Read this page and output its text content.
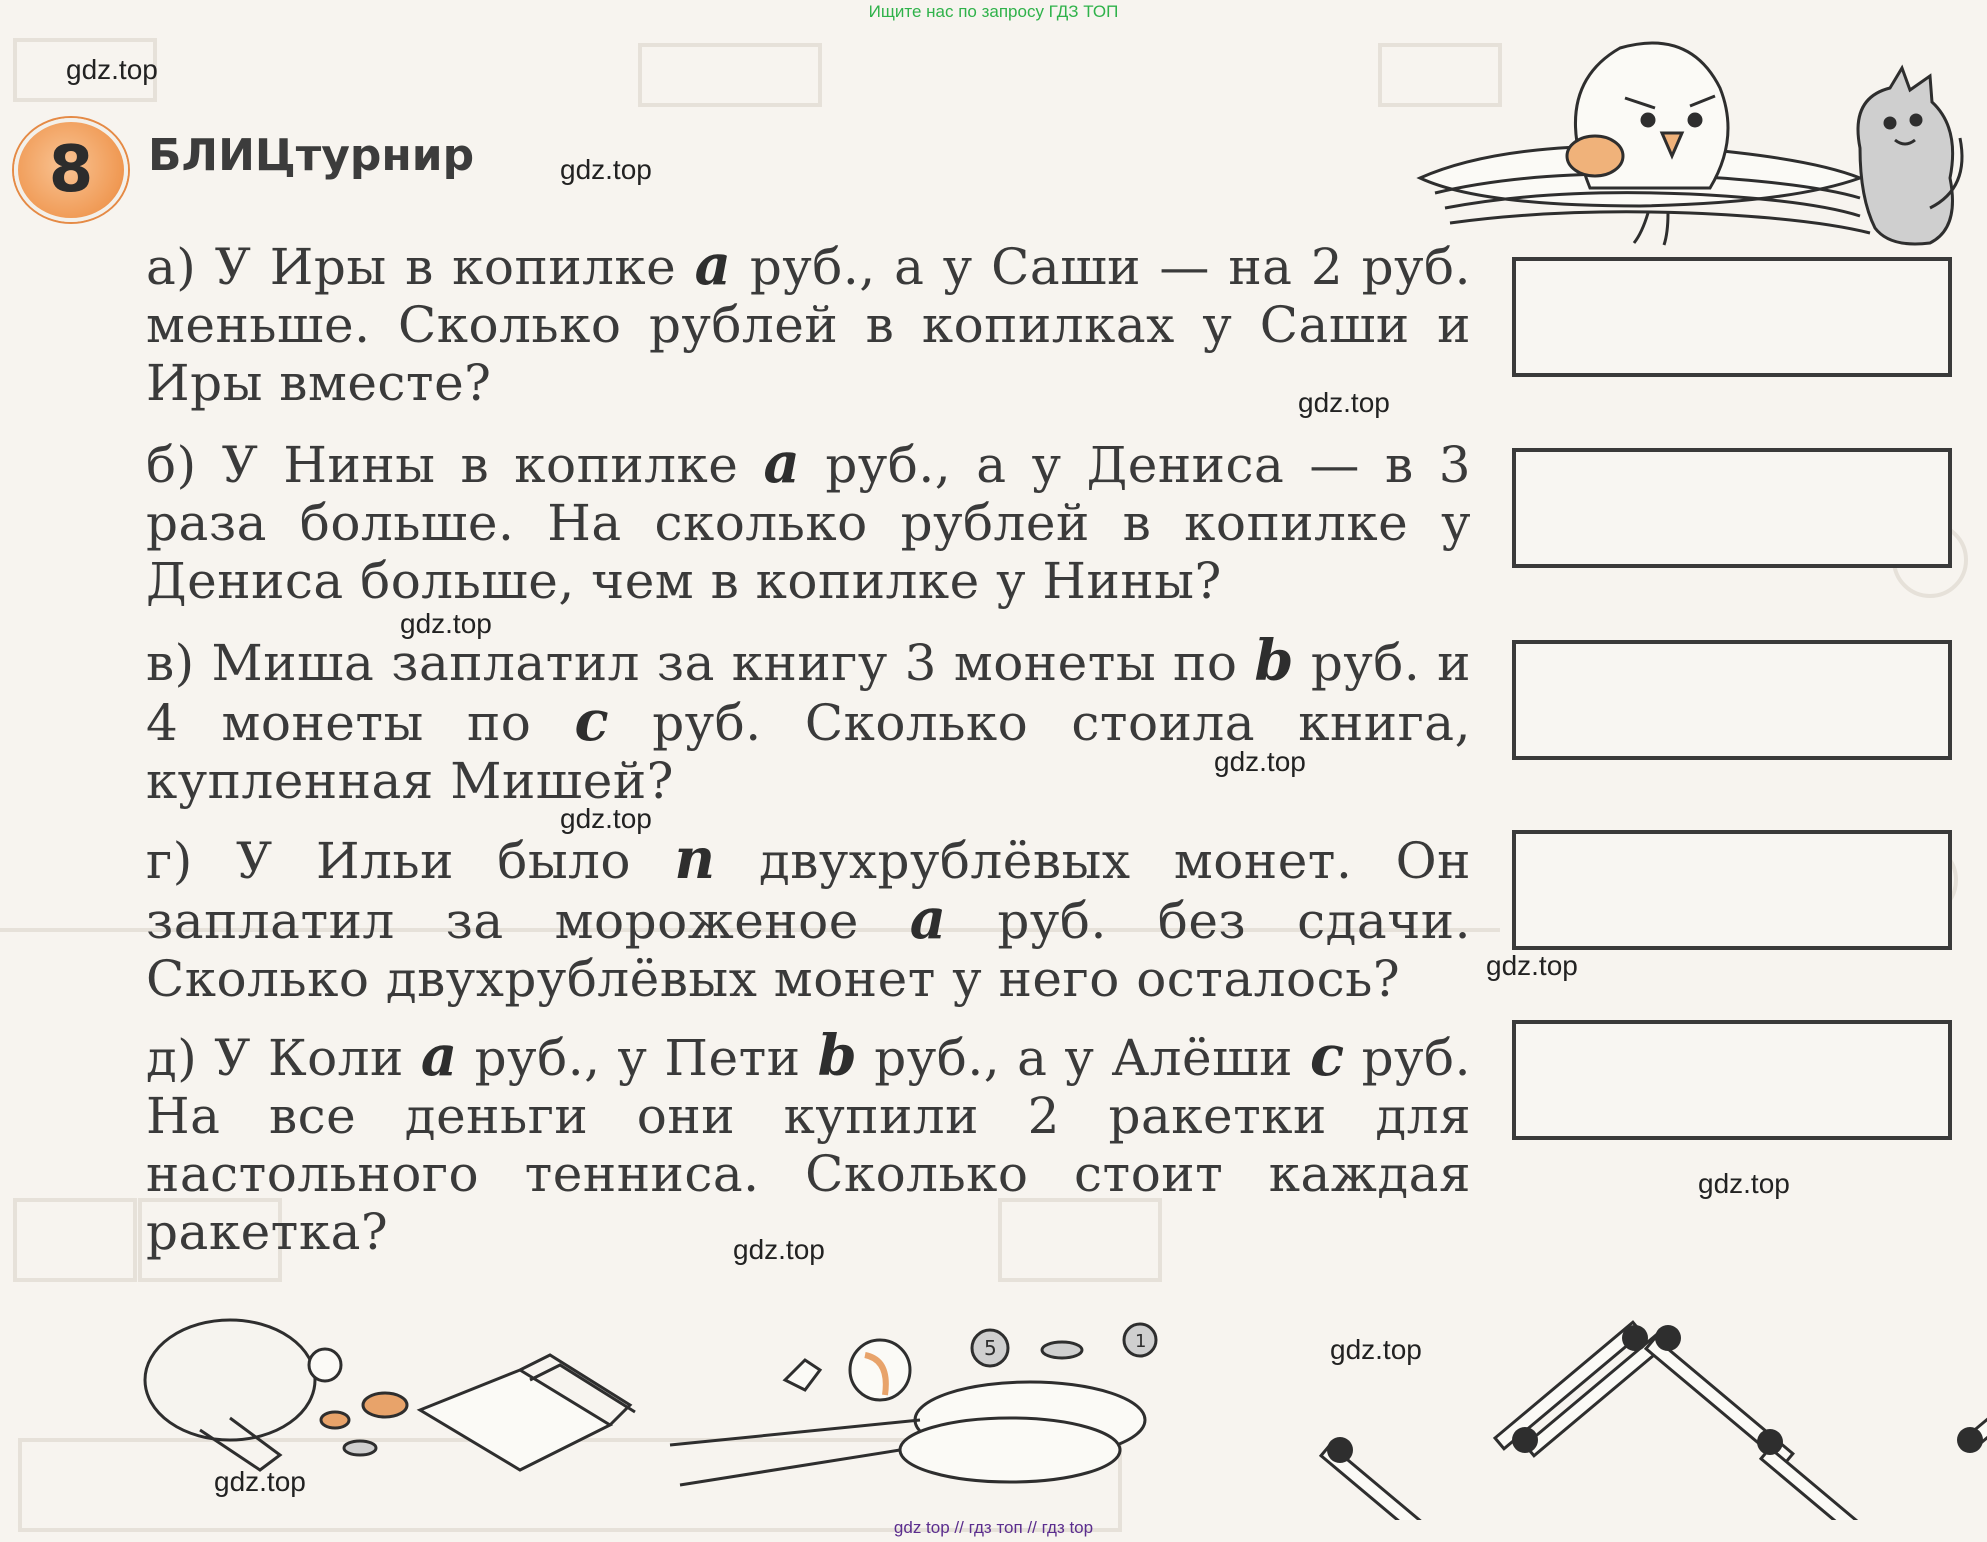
Ищите нас по запросу ГДЗ ТОП
gdz.top
gdz.top
gdz.top
gdz.top
gdz.top
gdz.top
gdz.top
gdz.top
gdz.top
gdz.top
gdz.top
8	БЛИЦтурнир
а) У Иры в копилке a руб., а у Саши — на 2 руб. меньше. Сколько рублей в копилках у Саши и Иры вместе?
б) У Нины в копилке a руб., а у Дениса — в 3 раза больше. На сколько рублей в копилке у Дениса больше, чем в копилке у Нины?
в) Миша заплатил за книгу 3 монеты по b руб. и 4 монеты по c руб. Сколько стоила книга, купленная Мишей?
г) У Ильи было n двухрублёвых монет. Он заплатил за мороженое a руб. без сдачи. Сколько двухрублёвых монет у него осталось?
д) У Коли a руб., у Пети b руб., а у Алёши c руб. На все деньги они купили 2 ракетки для настольного тенниса. Сколько стоит каждая ракетка?
5	1
gdz top // гдз топ // гдз top
